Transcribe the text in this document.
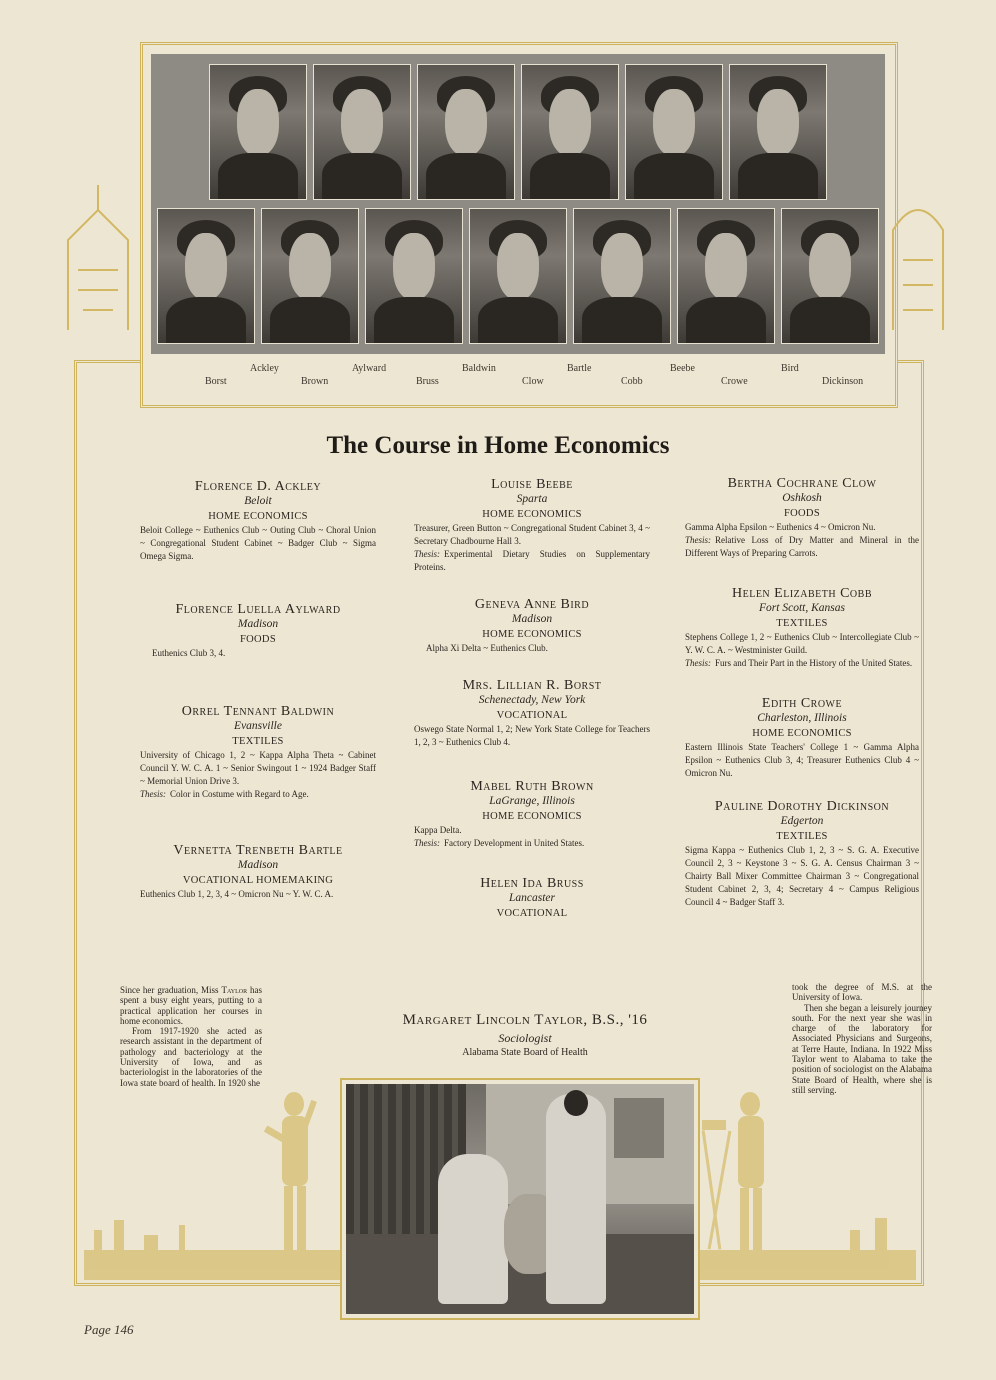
Ackley	Aylward	Baldwin	Bartle	Beebe	Bird
Borst	Brown	Bruss	Clow	Cobb	Crowe	Dickinson
The Course in Home Economics
Florence D. Ackley
Beloit
HOME ECONOMICS
Beloit College ~ Euthenics Club ~ Outing Club ~ Choral Union ~ Congregational Student Cabinet ~ Badger Club ~ Sigma Omega Sigma.
Florence Luella Aylward
Madison
FOODS
Euthenics Club 3, 4.
Orrel Tennant Baldwin
Evansville
TEXTILES
University of Chicago 1, 2 ~ Kappa Alpha Theta ~ Cabinet Council Y. W. C. A. 1 ~ Senior Swingout 1 ~ 1924 Badger Staff ~ Memorial Union Drive 3.
Thesis: Color in Costume with Regard to Age.
Vernetta Trenbeth Bartle
Madison
VOCATIONAL HOMEMAKING
Euthenics Club 1, 2, 3, 4 ~ Omicron Nu ~ Y. W. C. A.
Louise Beebe
Sparta
HOME ECONOMICS
Treasurer, Green Button ~ Congregational Student Cabinet 3, 4 ~ Secretary Chadbourne Hall 3.
Thesis: Experimental Dietary Studies on Supplementary Proteins.
Geneva Anne Bird
Madison
HOME ECONOMICS
Alpha Xi Delta ~ Euthenics Club.
Mrs. Lillian R. Borst
Schenectady, New York
VOCATIONAL
Oswego State Normal 1, 2; New York State College for Teachers 1, 2, 3 ~ Euthenics Club 4.
Mabel Ruth Brown
LaGrange, Illinois
HOME ECONOMICS
Kappa Delta.
Thesis: Factory Development in United States.
Helen Ida Bruss
Lancaster
VOCATIONAL
Bertha Cochrane Clow
Oshkosh
FOODS
Gamma Alpha Epsilon ~ Euthenics 4 ~ Omicron Nu.
Thesis: Relative Loss of Dry Matter and Mineral in the Different Ways of Preparing Carrots.
Helen Elizabeth Cobb
Fort Scott, Kansas
TEXTILES
Stephens College 1, 2 ~ Euthenics Club ~ Intercollegiate Club ~ Y. W. C. A. ~ Westminister Guild.
Thesis: Furs and Their Part in the History of the United States.
Edith Crowe
Charleston, Illinois
HOME ECONOMICS
Eastern Illinois State Teachers' College 1 ~ Gamma Alpha Epsilon ~ Euthenics Club 3, 4; Treasurer Euthenics Club 4 ~ Omicron Nu.
Pauline Dorothy Dickinson
Edgerton
TEXTILES
Sigma Kappa ~ Euthenics Club 1, 2, 3 ~ S. G. A. Executive Council 2, 3 ~ Keystone 3 ~ S. G. A. Census Chairman 3 ~ Chairty Ball Mixer Committee Chairman 3 ~ Congregational Student Cabinet 2, 3, 4; Secretary 4 ~ Campus Religious Council 4 ~ Badger Staff 3.
Since her graduation, Miss Taylor has spent a busy eight years, putting to a practical application her courses in home economics.
From 1917-1920 she acted as research assistant in the department of pathology and bacteriology at the University of Iowa, and as bacteriologist in the laboratories of the Iowa state board of health. In 1920 she
took the degree of M.S. at the University of Iowa.
Then she began a leisurely journey south. For the next year she was in charge of the laboratory for Associated Physicians and Surgeons, at Terre Haute, Indiana. In 1922 Miss Taylor went to Alabama to take the position of sociologist on the Alabama State Board of Health, where she is still serving.
Margaret Lincoln Taylor, B.S., '16
Sociologist
Alabama State Board of Health
Page 146
